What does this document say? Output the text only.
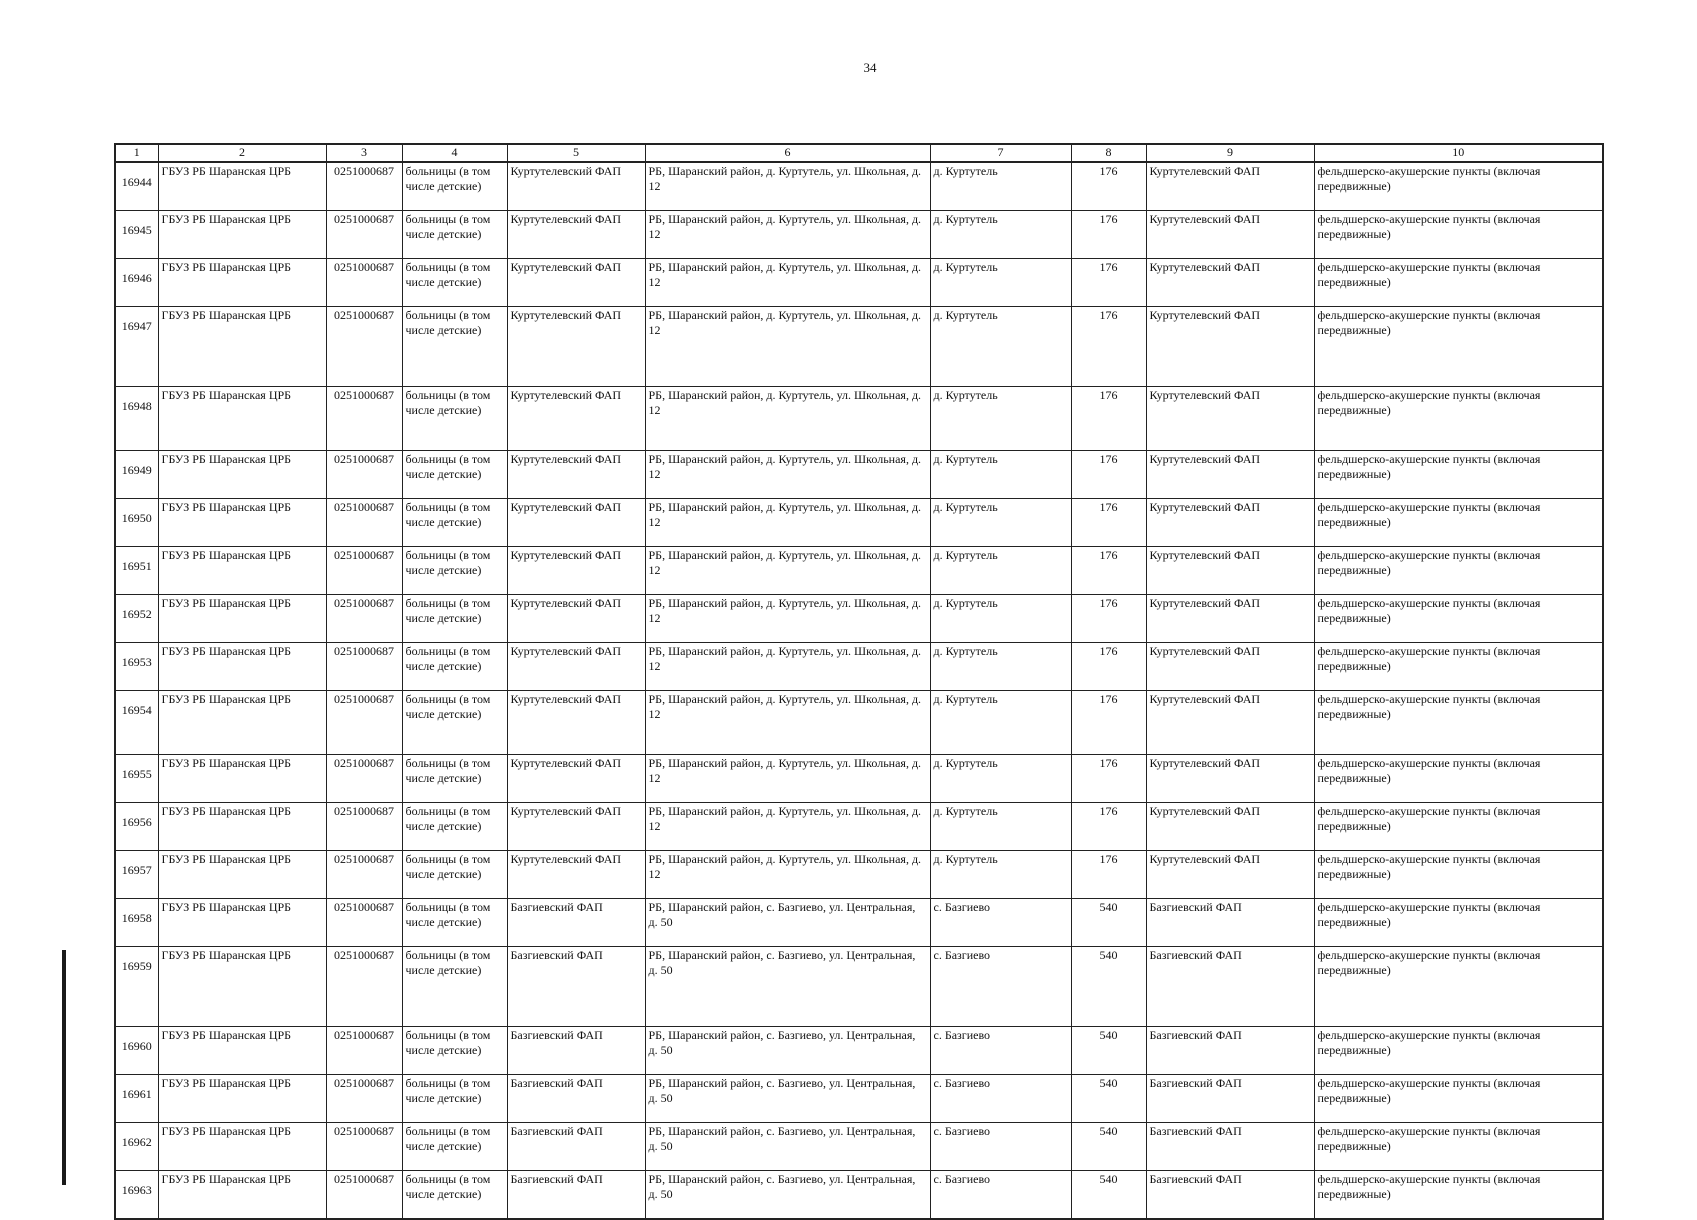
34
1	2	3	4	5	6	7	8	9	10
16944	ГБУЗ РБ Шаранская ЦРБ	0251000687	больницы (в том числе детские)	Куртутелевский ФАП	РБ, Шаранский район, д. Куртутель, ул. Школьная, д. 12	д. Куртутель	176	Куртутелевский ФАП	фельдшерско-акушерские пункты (включая передвижные)
16945	ГБУЗ РБ Шаранская ЦРБ	0251000687	больницы (в том числе детские)	Куртутелевский ФАП	РБ, Шаранский район, д. Куртутель, ул. Школьная, д. 12	д. Куртутель	176	Куртутелевский ФАП	фельдшерско-акушерские пункты (включая передвижные)
16946	ГБУЗ РБ Шаранская ЦРБ	0251000687	больницы (в том числе детские)	Куртутелевский ФАП	РБ, Шаранский район, д. Куртутель, ул. Школьная, д. 12	д. Куртутель	176	Куртутелевский ФАП	фельдшерско-акушерские пункты (включая передвижные)
16947	ГБУЗ РБ Шаранская ЦРБ	0251000687	больницы (в том числе детские)	Куртутелевский ФАП	РБ, Шаранский район, д. Куртутель, ул. Школьная, д. 12	д. Куртутель	176	Куртутелевский ФАП	фельдшерско-акушерские пункты (включая передвижные)
16948	ГБУЗ РБ Шаранская ЦРБ	0251000687	больницы (в том числе детские)	Куртутелевский ФАП	РБ, Шаранский район, д. Куртутель, ул. Школьная, д. 12	д. Куртутель	176	Куртутелевский ФАП	фельдшерско-акушерские пункты (включая передвижные)
16949	ГБУЗ РБ Шаранская ЦРБ	0251000687	больницы (в том числе детские)	Куртутелевский ФАП	РБ, Шаранский район, д. Куртутель, ул. Школьная, д. 12	д. Куртутель	176	Куртутелевский ФАП	фельдшерско-акушерские пункты (включая передвижные)
16950	ГБУЗ РБ Шаранская ЦРБ	0251000687	больницы (в том числе детские)	Куртутелевский ФАП	РБ, Шаранский район, д. Куртутель, ул. Школьная, д. 12	д. Куртутель	176	Куртутелевский ФАП	фельдшерско-акушерские пункты (включая передвижные)
16951	ГБУЗ РБ Шаранская ЦРБ	0251000687	больницы (в том числе детские)	Куртутелевский ФАП	РБ, Шаранский район, д. Куртутель, ул. Школьная, д. 12	д. Куртутель	176	Куртутелевский ФАП	фельдшерско-акушерские пункты (включая передвижные)
16952	ГБУЗ РБ Шаранская ЦРБ	0251000687	больницы (в том числе детские)	Куртутелевский ФАП	РБ, Шаранский район, д. Куртутель, ул. Школьная, д. 12	д. Куртутель	176	Куртутелевский ФАП	фельдшерско-акушерские пункты (включая передвижные)
16953	ГБУЗ РБ Шаранская ЦРБ	0251000687	больницы (в том числе детские)	Куртутелевский ФАП	РБ, Шаранский район, д. Куртутель, ул. Школьная, д. 12	д. Куртутель	176	Куртутелевский ФАП	фельдшерско-акушерские пункты (включая передвижные)
16954	ГБУЗ РБ Шаранская ЦРБ	0251000687	больницы (в том числе детские)	Куртутелевский ФАП	РБ, Шаранский район, д. Куртутель, ул. Школьная, д. 12	д. Куртутель	176	Куртутелевский ФАП	фельдшерско-акушерские пункты (включая передвижные)
16955	ГБУЗ РБ Шаранская ЦРБ	0251000687	больницы (в том числе детские)	Куртутелевский ФАП	РБ, Шаранский район, д. Куртутель, ул. Школьная, д. 12	д. Куртутель	176	Куртутелевский ФАП	фельдшерско-акушерские пункты (включая передвижные)
16956	ГБУЗ РБ Шаранская ЦРБ	0251000687	больницы (в том числе детские)	Куртутелевский ФАП	РБ, Шаранский район, д. Куртутель, ул. Школьная, д. 12	д. Куртутель	176	Куртутелевский ФАП	фельдшерско-акушерские пункты (включая передвижные)
16957	ГБУЗ РБ Шаранская ЦРБ	0251000687	больницы (в том числе детские)	Куртутелевский ФАП	РБ, Шаранский район, д. Куртутель, ул. Школьная, д. 12	д. Куртутель	176	Куртутелевский ФАП	фельдшерско-акушерские пункты (включая передвижные)
16958	ГБУЗ РБ Шаранская ЦРБ	0251000687	больницы (в том числе детские)	Базгиевский ФАП	РБ, Шаранский район, с. Базгиево, ул. Центральная, д. 50	с. Базгиево	540	Базгиевский ФАП	фельдшерско-акушерские пункты (включая передвижные)
16959	ГБУЗ РБ Шаранская ЦРБ	0251000687	больницы (в том числе детские)	Базгиевский ФАП	РБ, Шаранский район, с. Базгиево, ул. Центральная, д. 50	с. Базгиево	540	Базгиевский ФАП	фельдшерско-акушерские пункты (включая передвижные)
16960	ГБУЗ РБ Шаранская ЦРБ	0251000687	больницы (в том числе детские)	Базгиевский ФАП	РБ, Шаранский район, с. Базгиево, ул. Центральная, д. 50	с. Базгиево	540	Базгиевский ФАП	фельдшерско-акушерские пункты (включая передвижные)
16961	ГБУЗ РБ Шаранская ЦРБ	0251000687	больницы (в том числе детские)	Базгиевский ФАП	РБ, Шаранский район, с. Базгиево, ул. Центральная, д. 50	с. Базгиево	540	Базгиевский ФАП	фельдшерско-акушерские пункты (включая передвижные)
16962	ГБУЗ РБ Шаранская ЦРБ	0251000687	больницы (в том числе детские)	Базгиевский ФАП	РБ, Шаранский район, с. Базгиево, ул. Центральная, д. 50	с. Базгиево	540	Базгиевский ФАП	фельдшерско-акушерские пункты (включая передвижные)
16963	ГБУЗ РБ Шаранская ЦРБ	0251000687	больницы (в том числе детские)	Базгиевский ФАП	РБ, Шаранский район, с. Базгиево, ул. Центральная, д. 50	с. Базгиево	540	Базгиевский ФАП	фельдшерско-акушерские пункты (включая передвижные)
